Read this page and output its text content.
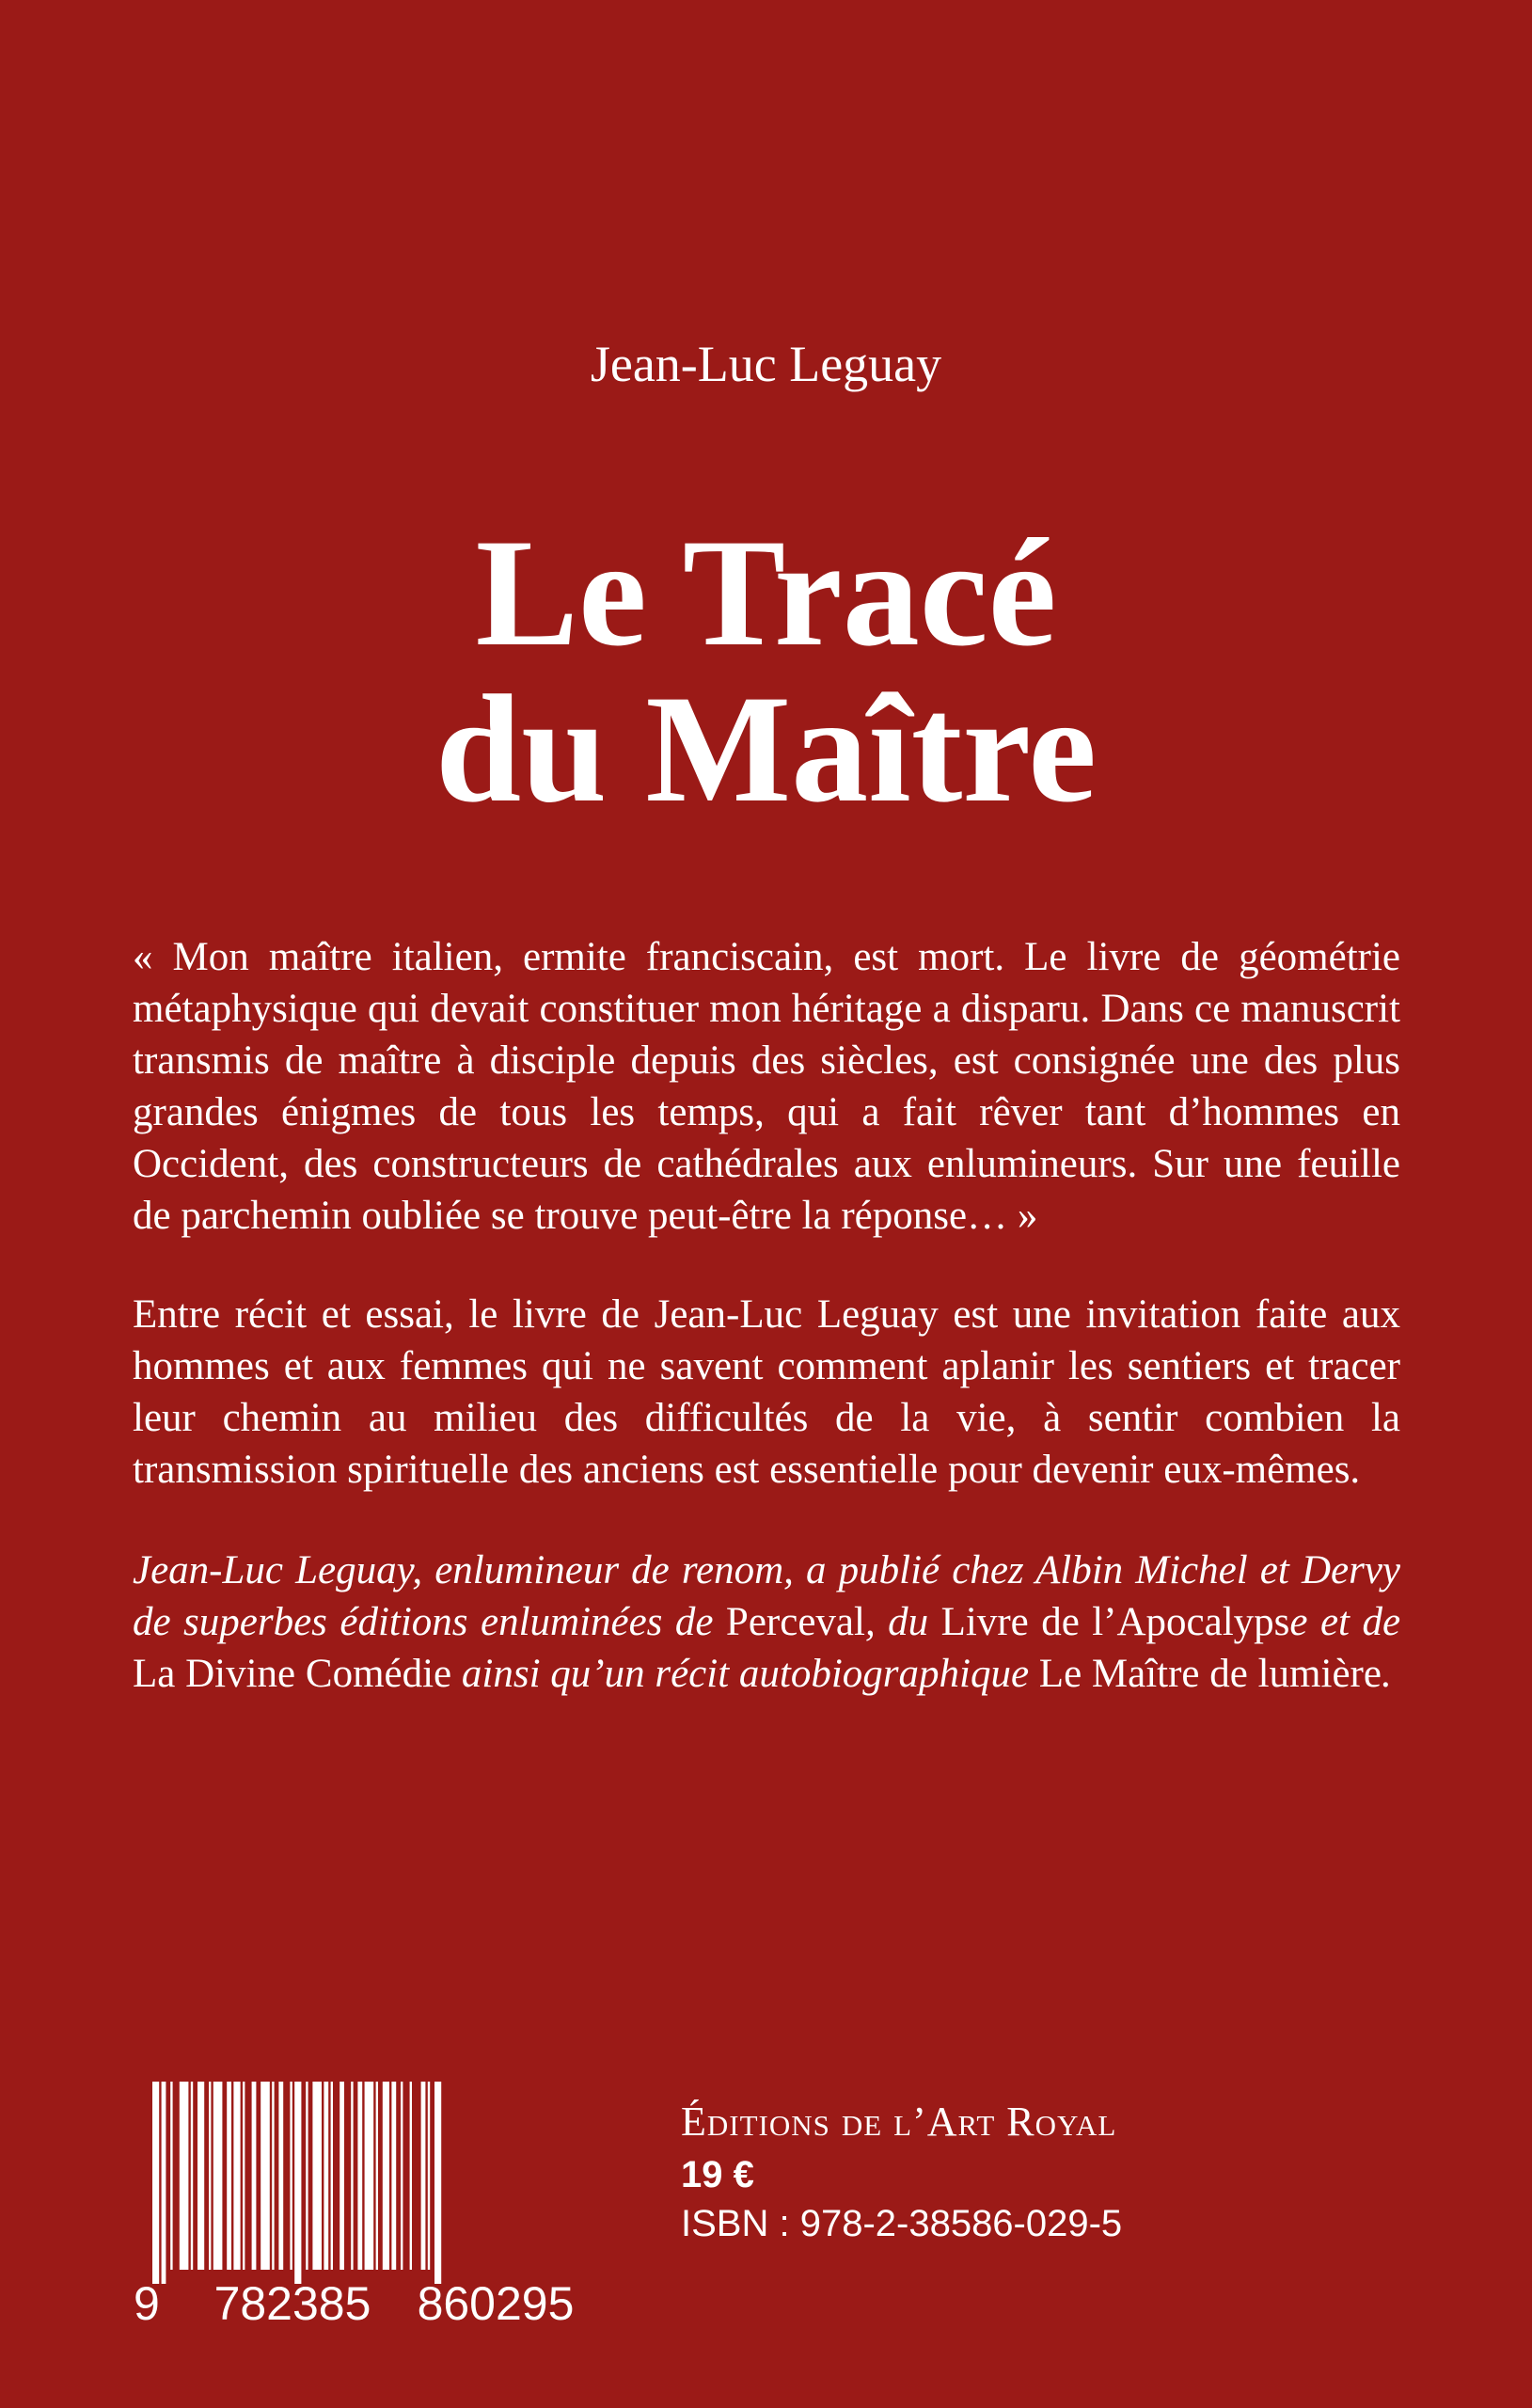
Jean-Luc Leguay
Le Tracé
du Maître

« Mon maître italien, ermite franciscain, est mort. Le livre de géométrie métaphysique qui devait constituer mon héritage a disparu. Dans ce manuscrit transmis de maître à disciple depuis des siècles, est consignée une des plus grandes énigmes de tous les temps, qui a fait rêver tant d’hommes en Occident, des constructeurs de cathédrales aux enlumineurs. Sur une feuille de parchemin oubliée se trouve peut-être la réponse… »

Entre récit et essai, le livre de Jean-Luc Leguay est une invitation faite aux hommes et aux femmes qui ne savent comment aplanir les sentiers et tracer leur chemin au milieu des difficultés de la vie, à sentir combien la transmission spirituelle des anciens est essentielle pour devenir eux-mêmes.

Jean-Luc Leguay, enlumineur de renom, a publié chez Albin Michel et Dervy de superbes éditions enluminées de Perceval, du Livre de l’Apocalypse et de La Divine Comédie ainsi qu’un récit autobiographique Le Maître de lumière.

9 782385 860295
Éditions de l’Art Royal
19 €
ISBN : 978-2-38586-029-5
